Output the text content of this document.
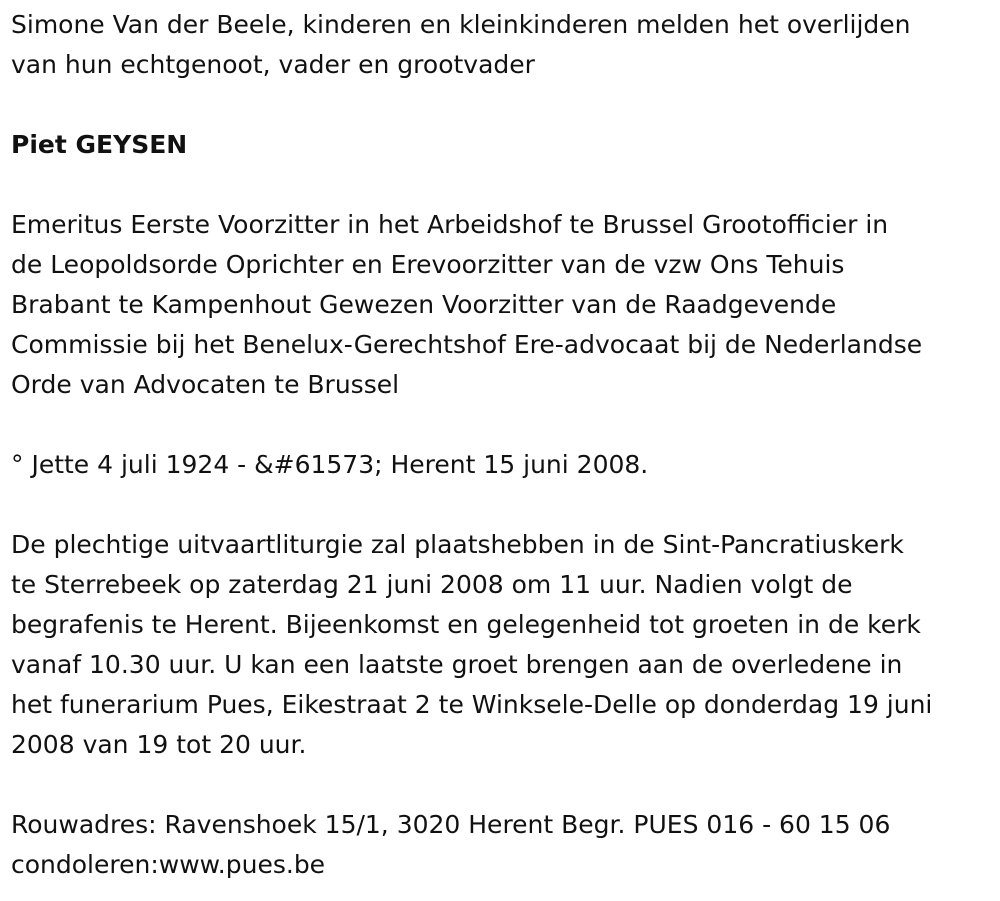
Simone Van der Beele, kinderen en kleinkinderen melden het overlijden
van hun echtgenoot, vader en grootvader

Piet GEYSEN

Emeritus Eerste Voorzitter in het Arbeidshof te Brussel Grootofficier in
de Leopoldsorde Oprichter en Erevoorzitter van de vzw Ons Tehuis
Brabant te Kampenhout Gewezen Voorzitter van de Raadgevende
Commissie bij het Benelux-Gerechtshof Ere-advocaat bij de Nederlandse
Orde van Advocaten te Brussel

° Jette 4 juli 1924 - &#61573; Herent 15 juni 2008.

De plechtige uitvaartliturgie zal plaatshebben in de Sint-Pancratiuskerk
te Sterrebeek op zaterdag 21 juni 2008 om 11 uur. Nadien volgt de
begrafenis te Herent. Bijeenkomst en gelegenheid tot groeten in de kerk
vanaf 10.30 uur. U kan een laatste groet brengen aan de overledene in
het funerarium Pues, Eikestraat 2 te Winksele-Delle op donderdag 19 juni
2008 van 19 tot 20 uur.

Rouwadres: Ravenshoek 15/1, 3020 Herent Begr. PUES 016 - 60 15 06

condoleren:www.pues.be
